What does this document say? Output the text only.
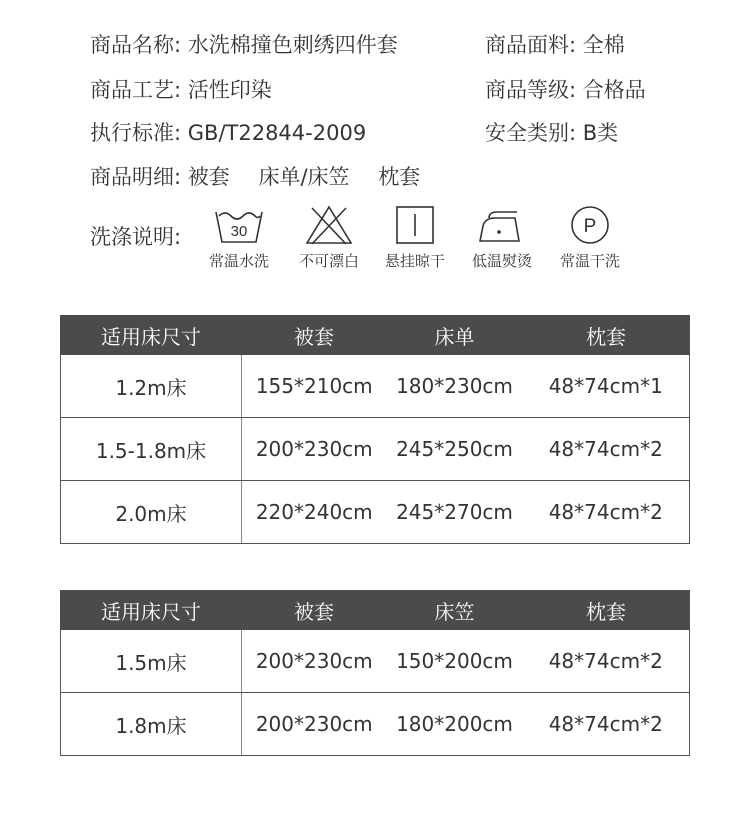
商品名称: 水洗棉撞色刺绣四件套	商品面料: 全棉
商品工艺: 活性印染	商品等级: 合格品
执行标准: GB/T22844-2009	安全类别: B类
商品明细: 被套 床单/床笠 枕套
洗涤说明:	30
常温水洗	不可漂白	悬挂晾干	低温熨烫
P
常温干洗
适用床尺寸	被套	床单	枕套
1.2m床	155*210cm	180*230cm	48*74cm*1
1.5-1.8m床	200*230cm	245*250cm	48*74cm*2
2.0m床	220*240cm	245*270cm	48*74cm*2
适用床尺寸	被套	床笠	枕套
1.5m床	200*230cm	150*200cm	48*74cm*2
1.8m床	200*230cm	180*200cm	48*74cm*2
